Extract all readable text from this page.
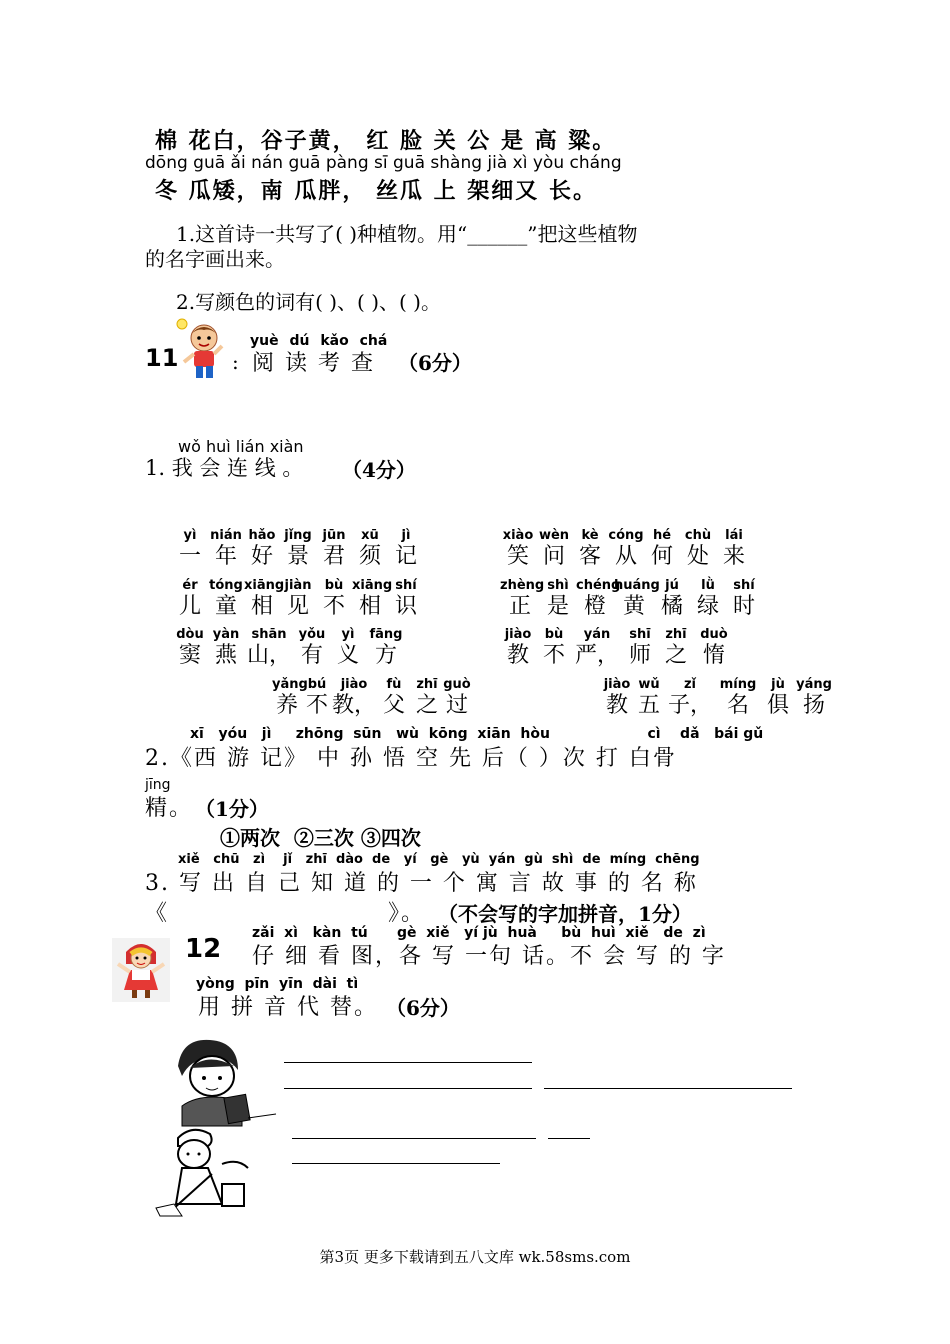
棉 花白，谷子黄， 红 脸 关 公 是 高 粱。
dōng guā ǎi nán guā pàng sī guā shàng jià xì yòu cháng
冬 瓜矮，南 瓜胖， 丝瓜 上 架细又 长。
1.这首诗一共写了( )种植物。用“______”把这些植物
的名字画出来。
2.写颜色的词有( )、( )、( )。
11	:
yuè dú kǎo chá
阅 读 考 查 （6分）
wǒ huì lián xiàn
1. 我 会 连 线 。 （4分）
yì
一
nián
年
hǎo
好
jǐng
景
jūn
君
xū
须
jì
记
ér
儿
tóng
童
xiāng
相
jiàn
见
bù
不
xiāng
相
shí
识
dòu
窦
yàn
燕
shān
山，
yǒu
有
yì
义
fāng
方
yǎng
养
bú
不
jiào
教，
fù
父
zhī
之
guò
过
xiào
笑
wèn
问
kè
客
cóng
从
hé
何
chù
处
lái
来
zhèng
正
shì
是
chéng
橙
huáng
黄
jú
橘
lǜ
绿
shí
时
jiào
教
bù
不
yán
严，
shī
师
zhī
之
duò
惰
jiào
教
wǔ
五
zǐ
子，
míng
名
jù
俱
yáng
扬
xī   yóu   jì     zhōng  sūn   wù  kōng  xiān  hòu                    cì    dǎ   bái gǔ
2.《西 游 记》 中 孙 悟 空 先 后（ ）次 打 白骨
jīng
精。 （1分）
①两次  ②三次 ③四次
xiě   chū   zì    jǐ   zhī  dào  de   yí   gè   yù  yán  gù  shì  de  míng  chēng
3. 写 出 自 己 知 道 的 一 个 寓 言 故 事 的 名 称
《	》。 （不会写的字加拼音，1分）
12
zǎi  xì   kàn  tú      gè  xiě   yí jù  huà     bù  huì  xiě   de  zì
仔 细 看 图，各 写 一句 话。不 会 写 的 字
yòng  pīn  yīn  dài  tì
用 拼 音 代 替。 （6分）
第3页 更多下载请到五八文库 wk.58sms.com
